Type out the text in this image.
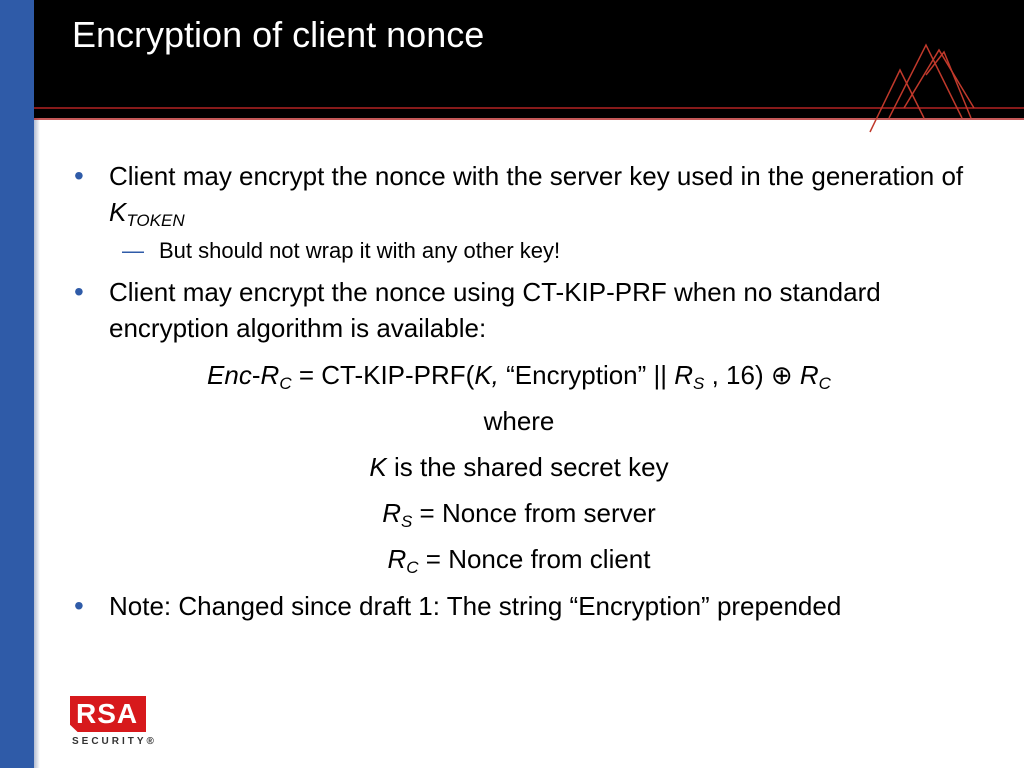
Encryption of client nonce
• Client may encrypt the nonce with the server key used in the generation of $K_{TOKEN}$
— But should not wrap it with any other key!
• Client may encrypt the nonce using CT-KIP-PRF when no standard encryption algorithm is available:
Enc-$R_C = CT-KIP-PRF(K$, “Encryption” || $R_S$ , 16) ⊕ $R_C$
where
K is the shared secret key
$R_S$ = Nonce from server
$R_C$ = Nonce from client
• Note: Changed since draft 1: The string “Encryption” prepended
RSA
SECURITY®
